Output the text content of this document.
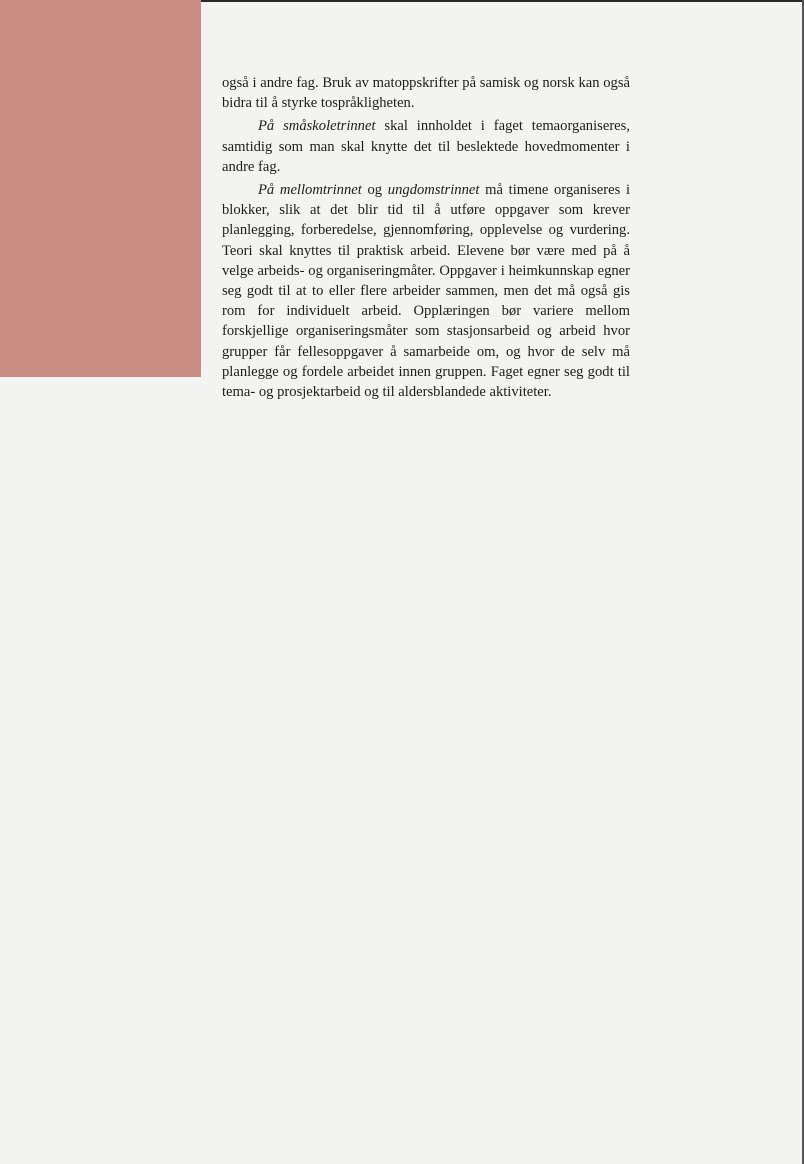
også i andre fag. Bruk av matoppskrifter på samisk og norsk kan også bidra til å styrke tospråkligheten.

På småskoletrinnet skal innholdet i faget temaorganiseres, samtidig som man skal knytte det til beslektede hovedmomenter i andre fag.

På mellomtrinnet og ungdomstrinnet må timene organiseres i blokker, slik at det blir tid til å utføre oppgaver som krever planlegging, forberedelse, gjennomføring, opplevelse og vurdering. Teori skal knyttes til praktisk arbeid. Elevene bør være med på å velge arbeids- og organiseringmåter. Oppgaver i heimkunnskap egner seg godt til at to eller flere arbeider sammen, men det må også gis rom for individuelt arbeid. Opplæringen bør variere mellom forskjellige organiseringsmåter som stasjonsarbeid og arbeid hvor grupper får fellesoppgaver å samarbeide om, og hvor de selv må planlegge og fordele arbeidet innen gruppen. Faget egner seg godt til tema- og prosjektarbeid og til aldersblandede aktiviteter.
